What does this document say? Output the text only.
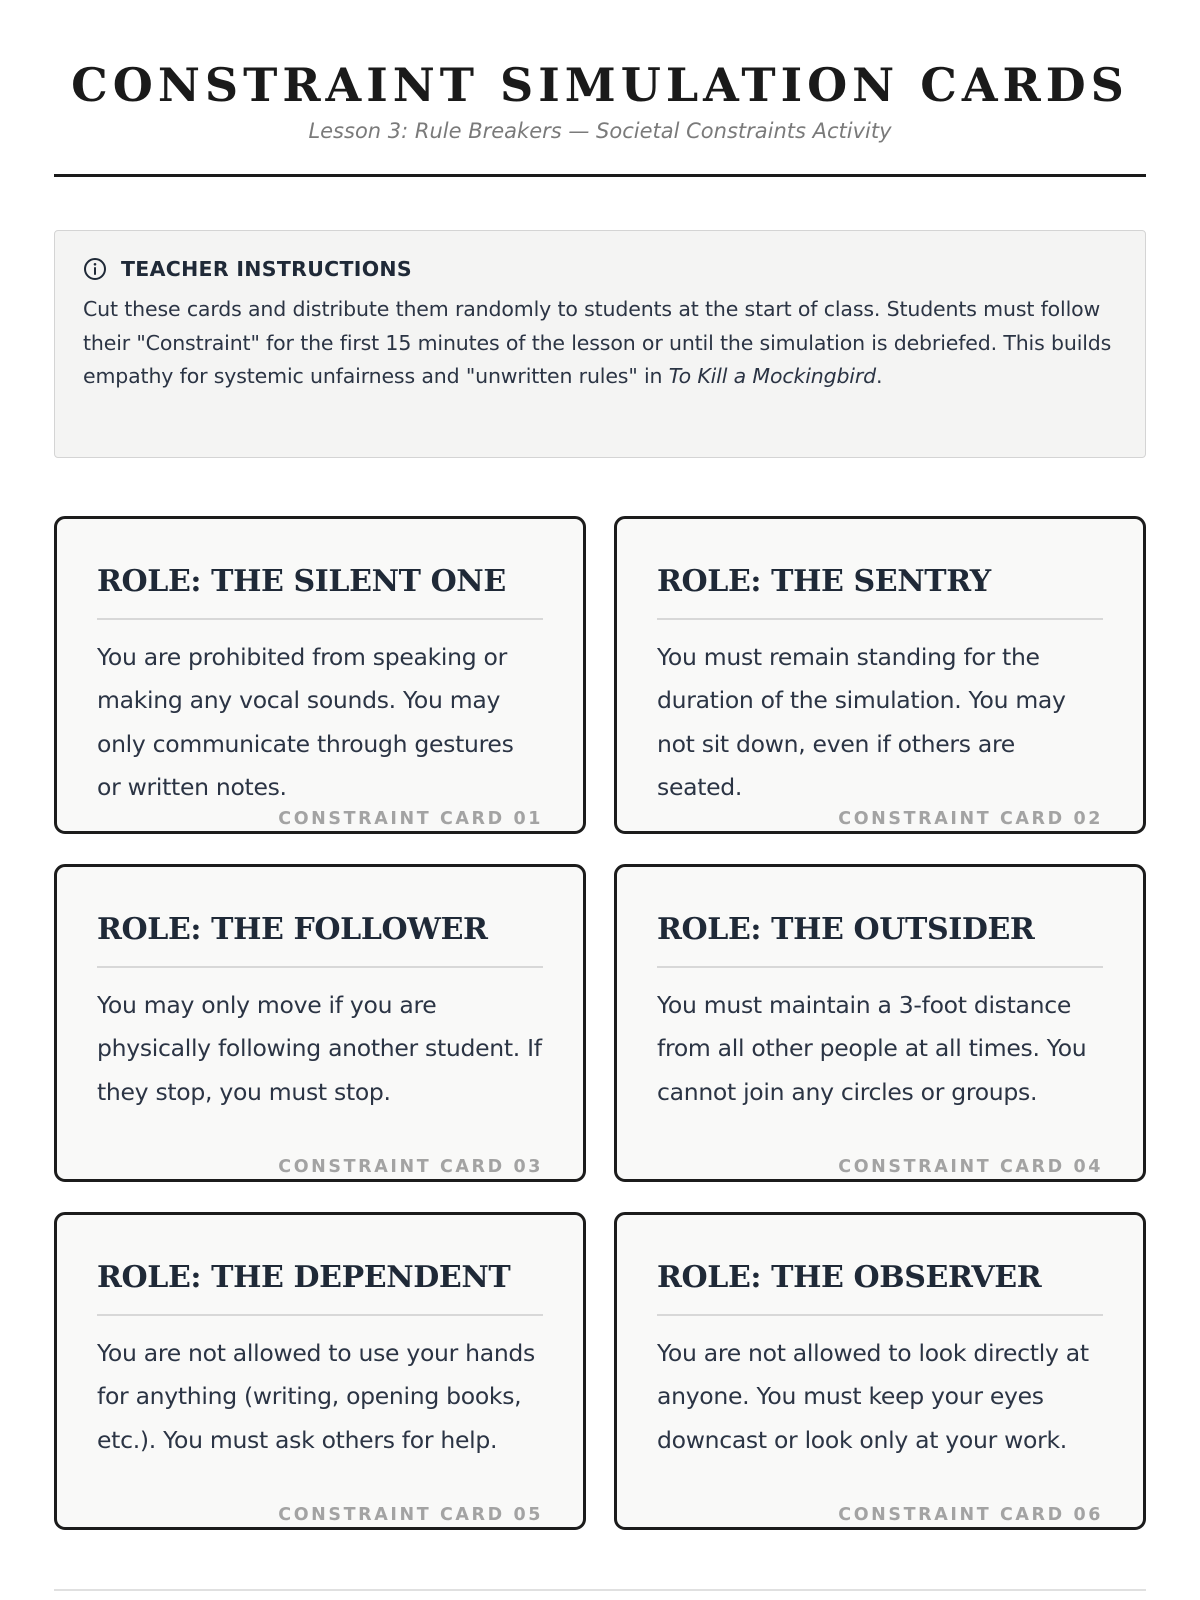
CONSTRAINT SIMULATION CARDS
Lesson 3: Rule Breakers — Societal Constraints Activity
TEACHER INSTRUCTIONS
Cut these cards and distribute them randomly to students at the start of class. Students must follow their "Constraint" for the first 15 minutes of the lesson or until the simulation is debriefed. This builds empathy for systemic unfairness and "unwritten rules" in To Kill a Mockingbird.
ROLE: THE SILENT ONE
You are prohibited from speaking or making any vocal sounds. You may only communicate through gestures or written notes.
CONSTRAINT CARD 01
ROLE: THE SENTRY
You must remain standing for the duration of the simulation. You may not sit down, even if others are seated.
CONSTRAINT CARD 02
ROLE: THE FOLLOWER
You may only move if you are physically following another student. If they stop, you must stop.
CONSTRAINT CARD 03
ROLE: THE OUTSIDER
You must maintain a 3-foot distance from all other people at all times. You cannot join any circles or groups.
CONSTRAINT CARD 04
ROLE: THE DEPENDENT
You are not allowed to use your hands for anything (writing, opening books, etc.). You must ask others for help.
CONSTRAINT CARD 05
ROLE: THE OBSERVER
You are not allowed to look directly at anyone. You must keep your eyes downcast or look only at your work.
CONSTRAINT CARD 06
